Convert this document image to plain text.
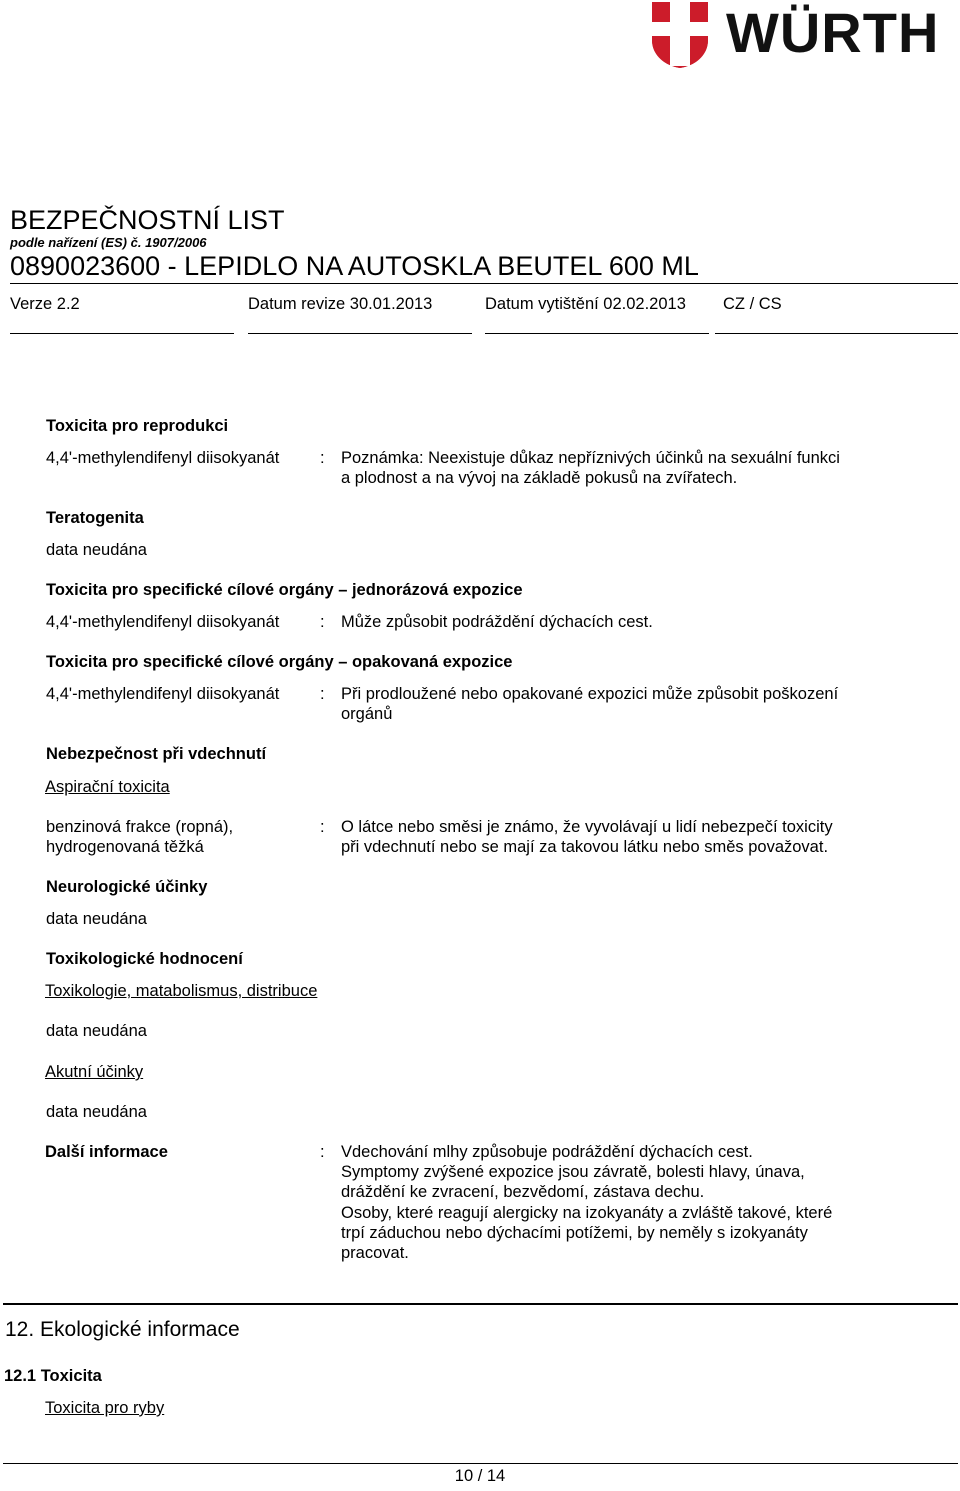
WÜRTH
BEZPEČNOSTNÍ LIST
podle nařízení (ES) č. 1907/2006
0890023600 - LEPIDLO NA AUTOSKLA BEUTEL 600 ML
Verze 2.2	Datum revize 30.01.2013	Datum vytištění 02.02.2013 CZ / CS
Toxicita pro reprodukci
4,4'-methylendifenyl diisokyanát : Poznámka: Neexistuje důkaz nepříznivých účinků na sexuální funkci
a plodnost a na vývoj na základě pokusů na zvířatech.
Teratogenita
data neudána
Toxicita pro specifické cílové orgány – jednorázová expozice
4,4'-methylendifenyl diisokyanát : Může způsobit podráždění dýchacích cest.
Toxicita pro specifické cílové orgány – opakovaná expozice
4,4'-methylendifenyl diisokyanát : Při prodloužené nebo opakované expozici může způsobit poškození
orgánů
Nebezpečnost při vdechnutí
Aspirační toxicita
benzinová frakce (ropná),
hydrogenovaná těžká
: O látce nebo směsi je známo, že vyvolávají u lidí nebezpečí toxicity
při vdechnutí nebo se mají za takovou látku nebo směs považovat.
Neurologické účinky
data neudána
Toxikologické hodnocení
Toxikologie, matabolismus, distribuce
data neudána
Akutní účinky
data neudána
Další informace	: Vdechování mlhy způsobuje podráždění dýchacích cest.
Symptomy zvýšené expozice jsou závratě, bolesti hlavy, únava,
dráždění ke zvracení, bezvědomí, zástava dechu.
Osoby, které reagují alergicky na izokyanáty a zvláště takové, které
trpí záduchou nebo dýchacími potížemi, by neměly s izokyanáty
pracovat.
12. Ekologické informace
12.1 Toxicita
Toxicita pro ryby
10 / 14
